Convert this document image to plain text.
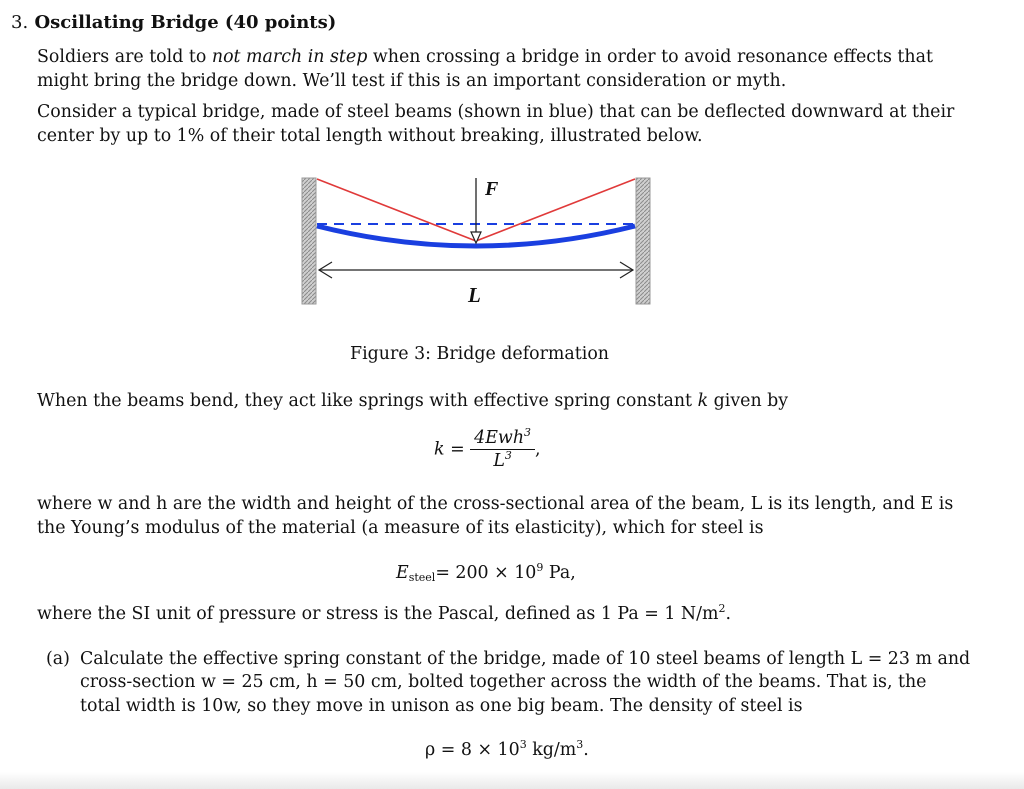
3. Oscillating Bridge (40 points)
Soldiers are told to not march in step when crossing a bridge in order to avoid resonance effects that
might bring the bridge down. We’ll test if this is an important consideration or myth.
Consider a typical bridge, made of steel beams (shown in blue) that can be deflected downward at their
center by up to 1% of their total length without breaking, illustrated below.
F
L
Figure 3: Bridge deformation
When the beams bend, they act like springs with effective spring constant k given by
$k = \frac{4Ewh^3}{L^3}$ ,
where w and h are the width and height of the cross-sectional area of the beam, L is its length, and E is
the Young’s modulus of the material (a measure of its elasticity), which for steel is
$E_{steel}= 200 \times 10^9$ Pa,
where the SI unit of pressure or stress is the Pascal, defined as 1 Pa = 1 $N/m^2$.
(a) Calculate the effective spring constant of the bridge, made of 10 steel beams of length L = 23 m and
cross-section w = 25 cm, h = 50 cm, bolted together across the width of the beams. That is, the
total width is 10w, so they move in unison as one big beam. The density of steel is
$\rho = 8 \times 10^3$ $kg/m^3$.
